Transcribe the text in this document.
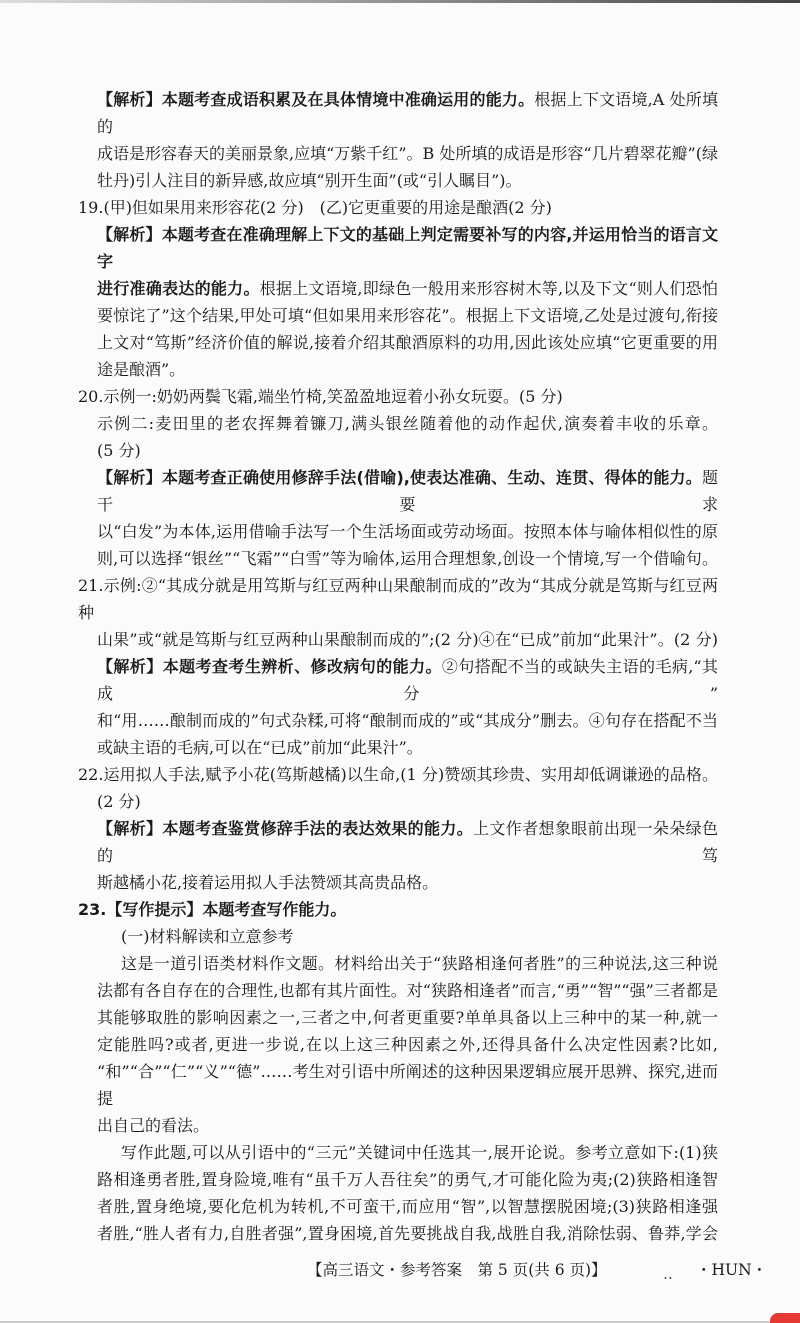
【解析】本题考查成语积累及在具体情境中准确运用的能力。根据上下文语境,A 处所填的
成语是形容春天的美丽景象,应填“万紫千红”。B 处所填的成语是形容“几片碧翠花瓣”(绿
牡丹)引人注目的新异感,故应填“别开生面”(或“引人瞩目”)。
19.(甲)但如果用来形容花(2 分)　(乙)它更重要的用途是酿酒(2 分)
【解析】本题考查在准确理解上下文的基础上判定需要补写的内容,并运用恰当的语言文字
进行准确表达的能力。根据上文语境,即绿色一般用来形容树木等,以及下文“则人们恐怕
要惊诧了”这个结果,甲处可填“但如果用来形容花”。根据上下文语境,乙处是过渡句,衔接
上文对“笃斯”经济价值的解说,接着介绍其酿酒原料的功用,因此该处应填“它更重要的用
途是酿酒”。
20.示例一:奶奶两鬓飞霜,端坐竹椅,笑盈盈地逗着小孙女玩耍。(5 分)
示例二:麦田里的老农挥舞着镰刀,满头银丝随着他的动作起伏,演奏着丰收的乐章。
(5 分)
【解析】本题考查正确使用修辞手法(借喻),使表达准确、生动、连贯、得体的能力。题干要求
以“白发”为本体,运用借喻手法写一个生活场面或劳动场面。按照本体与喻体相似性的原
则,可以选择“银丝”“飞霜”“白雪”等为喻体,运用合理想象,创设一个情境,写一个借喻句。
21.示例:②“其成分就是用笃斯与红豆两种山果酿制而成的”改为“其成分就是笃斯与红豆两种
山果”或“就是笃斯与红豆两种山果酿制而成的”;(2 分)④在“已成”前加“此果汁”。(2 分)
【解析】本题考查考生辨析、修改病句的能力。②句搭配不当的或缺失主语的毛病,“其成分”
和“用……酿制而成的”句式杂糅,可将“酿制而成的”或“其成分”删去。④句存在搭配不当
或缺主语的毛病,可以在“已成”前加“此果汁”。
22.运用拟人手法,赋予小花(笃斯越橘)以生命,(1 分)赞颂其珍贵、实用却低调谦逊的品格。
(2 分)
【解析】本题考查鉴赏修辞手法的表达效果的能力。上文作者想象眼前出现一朵朵绿色的笃
斯越橘小花,接着运用拟人手法赞颂其高贵品格。
23.【写作提示】本题考查写作能力。
(一)材料解读和立意参考
这是一道引语类材料作文题。材料给出关于“狭路相逢何者胜”的三种说法,这三种说
法都有各自存在的合理性,也都有其片面性。对“狭路相逢者”而言,“勇”“智”“强”三者都是
其能够取胜的影响因素之一,三者之中,何者更重要?单单具备以上三种中的某一种,就一
定能胜吗?或者,更进一步说,在以上这三种因素之外,还得具备什么决定性因素?比如,
“和”“合”“仁”“义”“德”……考生对引语中所阐述的这种因果逻辑应展开思辨、探究,进而提
出自己的看法。
写作此题,可以从引语中的“三元”关键词中任选其一,展开论说。参考立意如下:(1)狭
路相逢勇者胜,置身险境,唯有“虽千万人吾往矣”的勇气,才可能化险为夷;(2)狭路相逢智
者胜,置身绝境,要化危机为转机,不可蛮干,而应用“智”,以智慧摆脱困境;(3)狭路相逢强
者胜,“胜人者有力,自胜者强”,置身困境,首先要挑战自我,战胜自我,消除怯弱、鲁莽,学会
【高三语文・参考答案　第 5 页(共 6 页)】	.. ・HUN・
